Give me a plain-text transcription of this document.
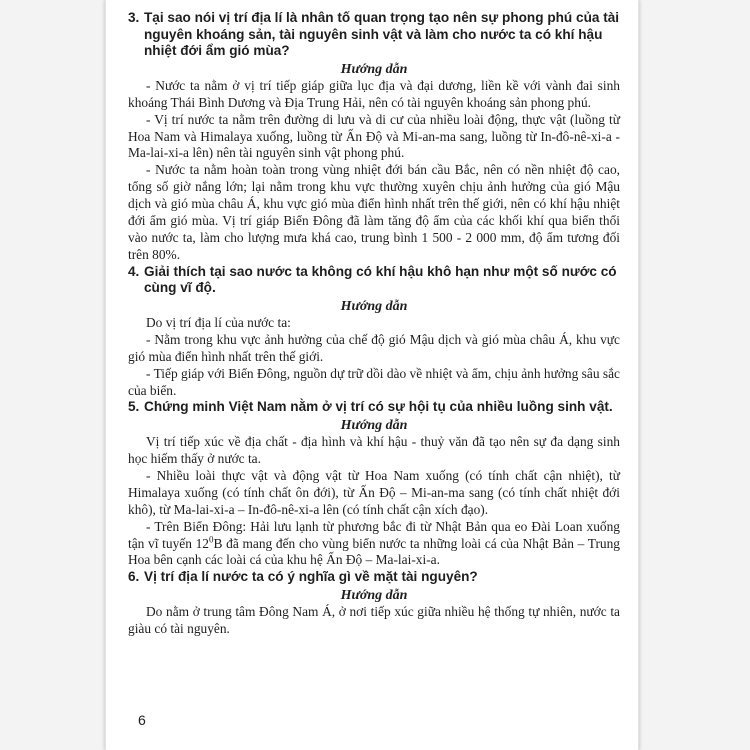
3. Tại sao nói vị trí địa lí là nhân tố quan trọng tạo nên sự phong phú của tài nguyên khoáng sản, tài nguyên sinh vật và làm cho nước ta có khí hậu nhiệt đới ẩm gió mùa?

Hướng dẫn

- Nước ta nằm ở vị trí tiếp giáp giữa lục địa và đại dương, liền kề với vành đai sinh khoáng Thái Bình Dương và Địa Trung Hải, nên có tài nguyên khoáng sản phong phú.

- Vị trí nước ta nằm trên đường di lưu và di cư của nhiều loài động, thực vật (luồng từ Hoa Nam và Himalaya xuống, luồng từ Ấn Độ và Mi-an-ma sang, luồng từ In-đô-nê-xi-a - Ma-lai-xi-a lên) nên tài nguyên sinh vật phong phú.

- Nước ta nằm hoàn toàn trong vùng nhiệt đới bán cầu Bắc, nên có nền nhiệt độ cao, tổng số giờ nắng lớn; lại nằm trong khu vực thường xuyên chịu ảnh hưởng của gió Mậu dịch và gió mùa châu Á, khu vực gió mùa điển hình nhất trên thế giới, nên có khí hậu nhiệt đới ẩm gió mùa. Vị trí giáp Biển Đông đã làm tăng độ ẩm của các khối khí qua biển thổi vào nước ta, làm cho lượng mưa khá cao, trung bình 1 500 - 2 000 mm, độ ẩm tương đối trên 80%.

4. Giải thích tại sao nước ta không có khí hậu khô hạn như một số nước có cùng vĩ độ.

Hướng dẫn

Do vị trí địa lí của nước ta:

- Nằm trong khu vực ảnh hưởng của chế độ gió Mậu dịch và gió mùa châu Á, khu vực gió mùa điển hình nhất trên thế giới.

- Tiếp giáp với Biển Đông, nguồn dự trữ dồi dào về nhiệt và ẩm, chịu ảnh hưởng sâu sắc của biển.

5. Chứng minh Việt Nam nằm ở vị trí có sự hội tụ của nhiều luồng sinh vật.

Hướng dẫn

Vị trí tiếp xúc về địa chất - địa hình và khí hậu - thuỷ văn đã tạo nên sự đa dạng sinh học hiếm thấy ở nước ta.

- Nhiều loài thực vật và động vật từ Hoa Nam xuống (có tính chất cận nhiệt), từ Himalaya xuống (có tính chất ôn đới), từ Ấn Độ – Mi-an-ma sang (có tính chất nhiệt đới khô), từ Ma-lai-xi-a – In-đô-nê-xi-a lên (có tính chất cận xích đạo).

- Trên Biển Đông: Hải lưu lạnh từ phương bắc đi từ Nhật Bản qua eo Đài Loan xuống tận vĩ tuyến $12^0B$ đã mang đến cho vùng biển nước ta những loài cá của Nhật Bản – Trung Hoa bên cạnh các loài cá của khu hệ Ấn Độ – Ma-lai-xi-a.

6. Vị trí địa lí nước ta có ý nghĩa gì về mặt tài nguyên?

Hướng dẫn

Do nằm ở trung tâm Đông Nam Á, ở nơi tiếp xúc giữa nhiều hệ thống tự nhiên, nước ta giàu có tài nguyên.

6
